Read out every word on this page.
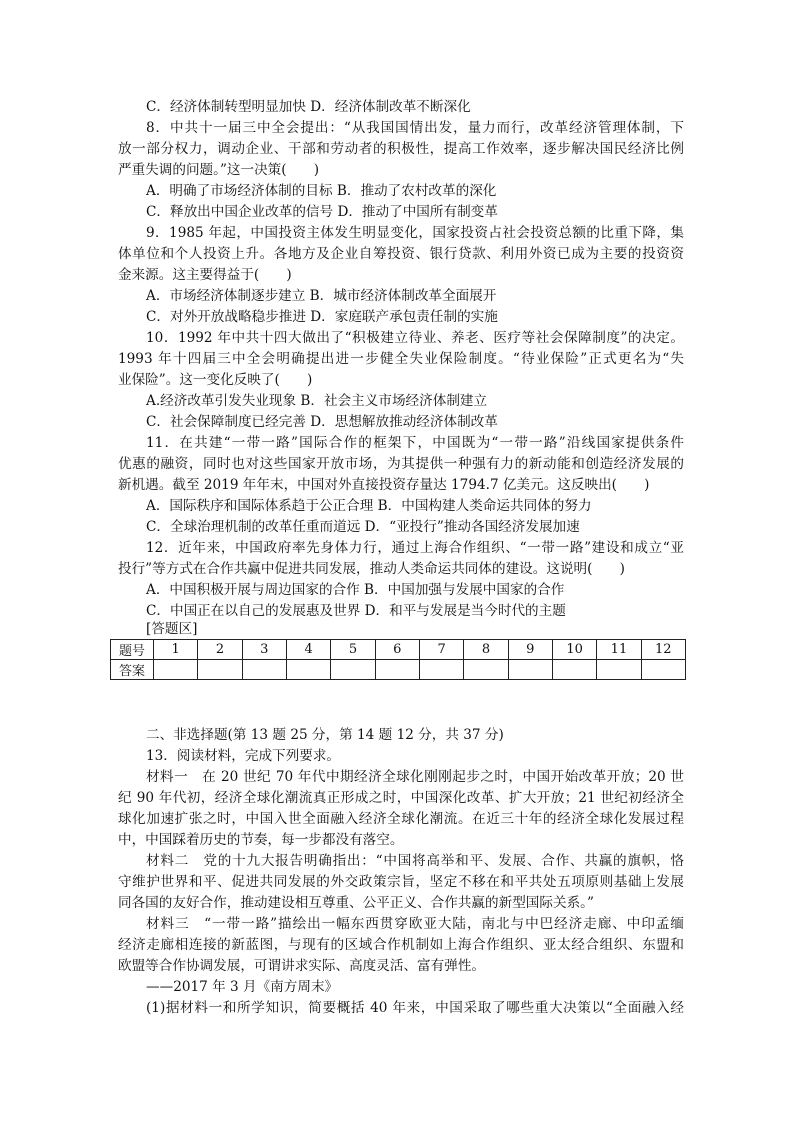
C．经济体制转型明显加快 D．经济体制改革不断深化
8．中共十一届三中全会提出：“从我国国情出发，量力而行，改革经济管理体制，下
放一部分权力，调动企业、干部和劳动者的积极性，提高工作效率，逐步解决国民经济比例
严重失调的问题。”这一决策(　　)
A．明确了市场经济体制的目标 B．推动了农村改革的深化
C．释放出中国企业改革的信号 D．推动了中国所有制变革
9．1985 年起，中国投资主体发生明显变化，国家投资占社会投资总额的比重下降，集
体单位和个人投资上升。各地方及企业自筹投资、银行贷款、利用外资已成为主要的投资资
金来源。这主要得益于(　　)
A．市场经济体制逐步建立 B．城市经济体制改革全面展开
C．对外开放战略稳步推进 D．家庭联产承包责任制的实施
10．1992 年中共十四大做出了“积极建立待业、养老、医疗等社会保障制度”的决定。
1993 年十四届三中全会明确提出进一步健全失业保险制度。“待业保险”正式更名为“失
业保险”。这一变化反映了(　　)
A.经济改革引发失业现象 B．社会主义市场经济体制建立
C．社会保障制度已经完善 D．思想解放推动经济体制改革
11．在共建“一带一路”国际合作的框架下，中国既为“一带一路”沿线国家提供条件
优惠的融资，同时也对这些国家开放市场，为其提供一种强有力的新动能和创造经济发展的
新机遇。截至 2019 年年末，中国对外直接投资存量达 1794.7 亿美元。这反映出(　　)
A．国际秩序和国际体系趋于公正合理 B．中国构建人类命运共同体的努力
C．全球治理机制的改革任重而道远 D．“亚投行”推动各国经济发展加速
12．近年来，中国政府率先身体力行，通过上海合作组织、“一带一路”建设和成立“亚
投行”等方式在合作共赢中促进共同发展，推动人类命运共同体的建设。这说明(　　)
A．中国积极开展与周边国家的合作 B．中国加强与发展中国家的合作
C．中国正在以自己的发展惠及世界 D．和平与发展是当今时代的主题
[答题区]
题号	1	2	3	4	5	6	7	8	9	10	11	12
答案												
二、非选择题(第 13 题 25 分，第 14 题 12 分，共 37 分)
13．阅读材料，完成下列要求。
材料一　在 20 世纪 70 年代中期经济全球化刚刚起步之时，中国开始改革开放；20 世
纪 90 年代初，经济全球化潮流真正形成之时，中国深化改革、扩大开放；21 世纪初经济全
球化加速扩张之时，中国入世全面融入经济全球化潮流。在近三十年的经济全球化发展过程
中，中国踩着历史的节奏，每一步都没有落空。
材料二　党的十九大报告明确指出：“中国将高举和平、发展、合作、共赢的旗帜，恪
守维护世界和平、促进共同发展的外交政策宗旨，坚定不移在和平共处五项原则基础上发展
同各国的友好合作，推动建设相互尊重、公平正义、合作共赢的新型国际关系。”
材料三　“一带一路”描绘出一幅东西贯穿欧亚大陆，南北与中巴经济走廊、中印孟缅
经济走廊相连接的新蓝图，与现有的区域合作机制如上海合作组织、亚太经合组织、东盟和
欧盟等合作协调发展，可谓讲求实际、高度灵活、富有弹性。
——2017 年 3 月《南方周末》
(1)据材料一和所学知识，简要概括 40 年来，中国采取了哪些重大决策以“全面融入经
